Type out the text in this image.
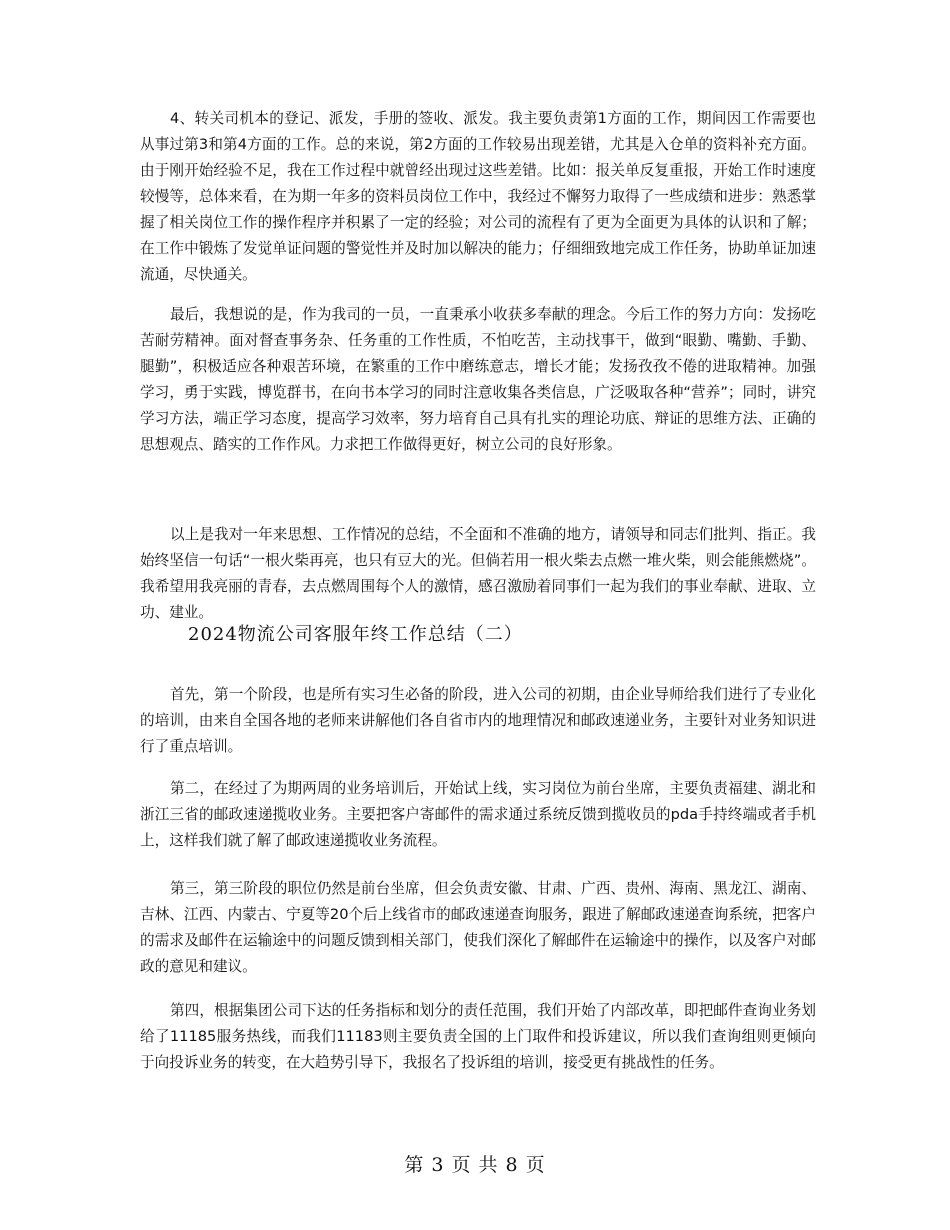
4、转关司机本的登记、派发，手册的签收、派发。我主要负责第1方面的工作，期间因工作需要也从事过第3和第4方面的工作。总的来说，第2方面的工作较易出现差错，尤其是入仓单的资料补充方面。由于刚开始经验不足，我在工作过程中就曾经出现过这些差错。比如：报关单反复重报，开始工作时速度较慢等，总体来看，在为期一年多的资料员岗位工作中，我经过不懈努力取得了一些成绩和进步：熟悉掌握了相关岗位工作的操作程序并积累了一定的经验；对公司的流程有了更为全面更为具体的认识和了解；在工作中锻炼了发觉单证问题的警觉性并及时加以解决的能力；仔细细致地完成工作任务，协助单证加速流通，尽快通关。

最后，我想说的是，作为我司的一员，一直秉承小收获多奉献的理念。今后工作的努力方向：发扬吃苦耐劳精神。面对督查事务杂、任务重的工作性质，不怕吃苦，主动找事干，做到“眼勤、嘴勤、手勤、腿勤”，积极适应各种艰苦环境，在繁重的工作中磨练意志，增长才能；发扬孜孜不倦的进取精神。加强学习，勇于实践，博览群书，在向书本学习的同时注意收集各类信息，广泛吸取各种“营养”；同时，讲究学习方法，端正学习态度，提高学习效率，努力培育自己具有扎实的理论功底、辩证的思维方法、正确的思想观点、踏实的工作作风。力求把工作做得更好，树立公司的良好形象。

以上是我对一年来思想、工作情况的总结，不全面和不准确的地方，请领导和同志们批判、指正。我始终坚信一句话“一根火柴再亮，也只有豆大的光。但倘若用一根火柴去点燃一堆火柴，则会能熊燃烧”。我希望用我亮丽的青春，去点燃周围每个人的激情，感召激励着同事们一起为我们的事业奉献、进取、立功、建业。

2024物流公司客服年终工作总结（二）

首先，第一个阶段，也是所有实习生必备的阶段，进入公司的初期，由企业导师给我们进行了专业化的培训，由来自全国各地的老师来讲解他们各自省市内的地理情况和邮政速递业务，主要针对业务知识进行了重点培训。

第二，在经过了为期两周的业务培训后，开始试上线，实习岗位为前台坐席，主要负责福建、湖北和浙江三省的邮政速递揽收业务。主要把客户寄邮件的需求通过系统反馈到揽收员的pda手持终端或者手机上，这样我们就了解了邮政速递揽收业务流程。

第三，第三阶段的职位仍然是前台坐席，但会负责安徽、甘肃、广西、贵州、海南、黑龙江、湖南、吉林、江西、内蒙古、宁夏等20个后上线省市的邮政速递查询服务，跟进了解邮政速递查询系统，把客户的需求及邮件在运输途中的问题反馈到相关部门，使我们深化了解邮件在运输途中的操作，以及客户对邮政的意见和建议。

第四，根据集团公司下达的任务指标和划分的责任范围，我们开始了内部改革，即把邮件查询业务划给了11185服务热线，而我们11183则主要负责全国的上门取件和投诉建议，所以我们查询组则更倾向于向投诉业务的转变，在大趋势引导下，我报名了投诉组的培训，接受更有挑战性的任务。

第 3 页 共 8 页
